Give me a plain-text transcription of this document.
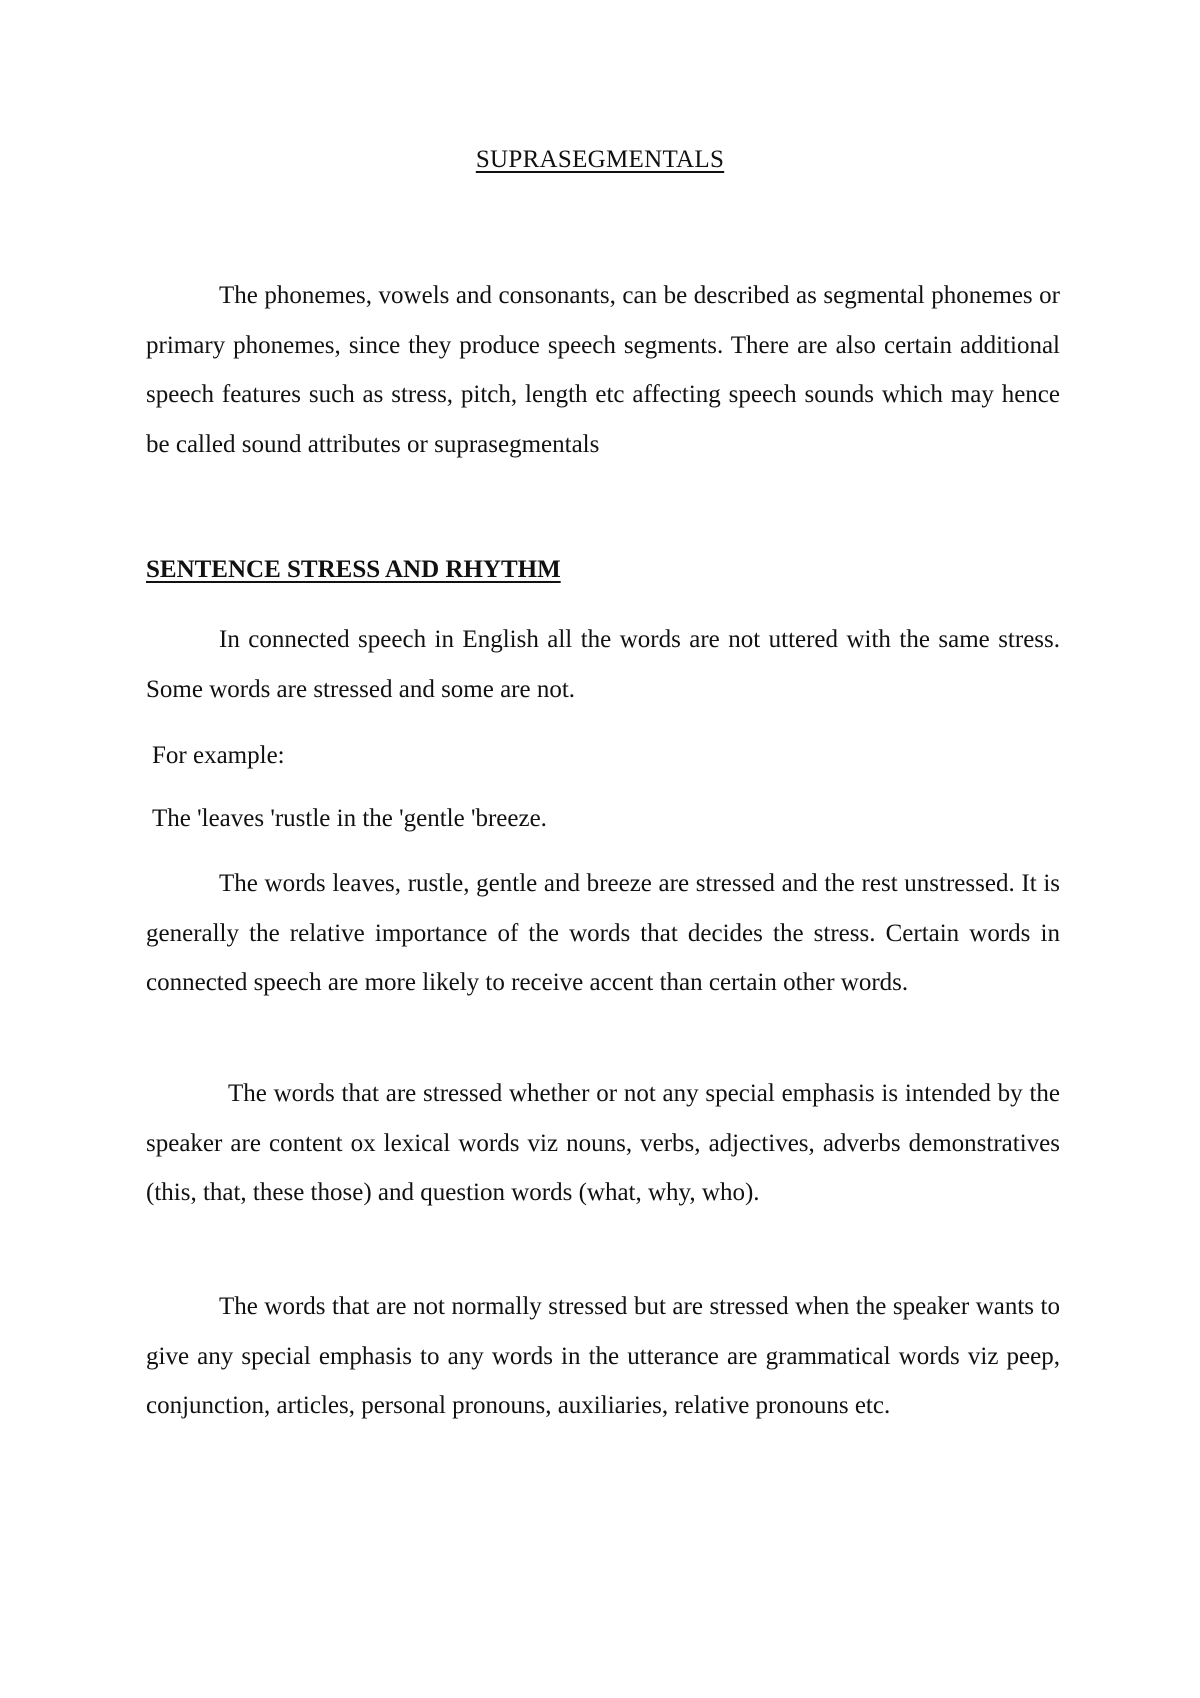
SUPRASEGMENTALS

The phonemes, vowels and consonants, can be described as segmental phonemes or primary phonemes, since they produce speech segments. There are also certain additional speech features such as stress, pitch, length etc affecting speech sounds which may hence be called sound attributes or suprasegmentals

SENTENCE STRESS AND RHYTHM

In connected speech in English all the words are not uttered with the same stress. Some words are stressed and some are not.

For example:

The 'leaves 'rustle in the 'gentle 'breeze.

The words leaves, rustle, gentle and breeze are stressed and the rest unstressed. It is generally the relative importance of the words that decides the stress. Certain words in connected speech are more likely to receive accent than certain other words.

The words that are stressed whether or not any special emphasis is intended by the speaker are content ox lexical words viz nouns, verbs, adjectives, adverbs demonstratives (this, that, these those) and question words (what, why, who).

The words that are not normally stressed but are stressed when the speaker wants to give any special emphasis to any words in the utterance are grammatical words viz peep, conjunction, articles, personal pronouns, auxiliaries, relative pronouns etc.
